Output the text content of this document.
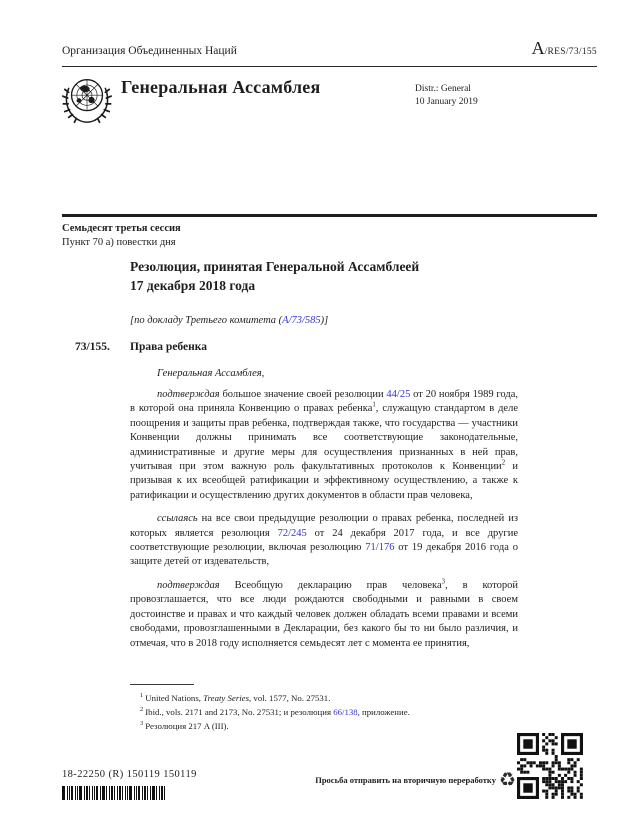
Организация Объединенных Наций	A/RES/73/155
Генеральная Ассамблея	Distr.: General
10 January 2019
Семьдесят третья сессия
Пункт 70 а) повестки дня
Резолюция, принятая Генеральной Ассамблеей
17 декабря 2018 года

[по докладу Третьего комитета (A/73/585)]

73/155. Права ребенка

Генеральная Ассамблея,

подтверждая большое значение своей резолюции 44/25 от 20 ноября 1989 года, в которой она приняла Конвенцию о правах ребенка$^1$, служащую стандартом в деле поощрения и защиты прав ребенка, подтверждая также, что государства — участники Конвенции должны принимать все соответствующие законодательные, административные и другие меры для осуществления признанных в ней прав, учитывая при этом важную роль факультативных протоколов к Конвенции$^2$ и призывая к их всеобщей ратификации и эффективному осуществлению, а также к ратификации и осуществлению других документов в области прав человека,

ссылаясь на все свои предыдущие резолюции о правах ребенка, последней из которых является резолюция 72/245 от 24 декабря 2017 года, и все другие соответствующие резолюции, включая резолюцию 71/176 от 19 декабря 2016 года о защите детей от издевательств,

подтверждая Всеобщую декларацию прав человека$^3$, в которой провозглашается, что все люди рождаются свободными и равными в своем достоинстве и правах и что каждый человек должен обладать всеми правами и всеми свободами, провозглашенными в Декларации, без какого бы то ни было различия, и отмечая, что в 2018 году исполняется семьдесят лет с момента ее принятия,

$^1$ United Nations, Treaty Series, vol. 1577, No. 27531.
$^2$ Ibid., vols. 2171 and 2173, No. 27531; и резолюция 66/138, приложение.
$^3$ Резолюция 217 A (III).
18-22250 (R) 150119 150119	Просьба отправить на вторичную переработку ♻
